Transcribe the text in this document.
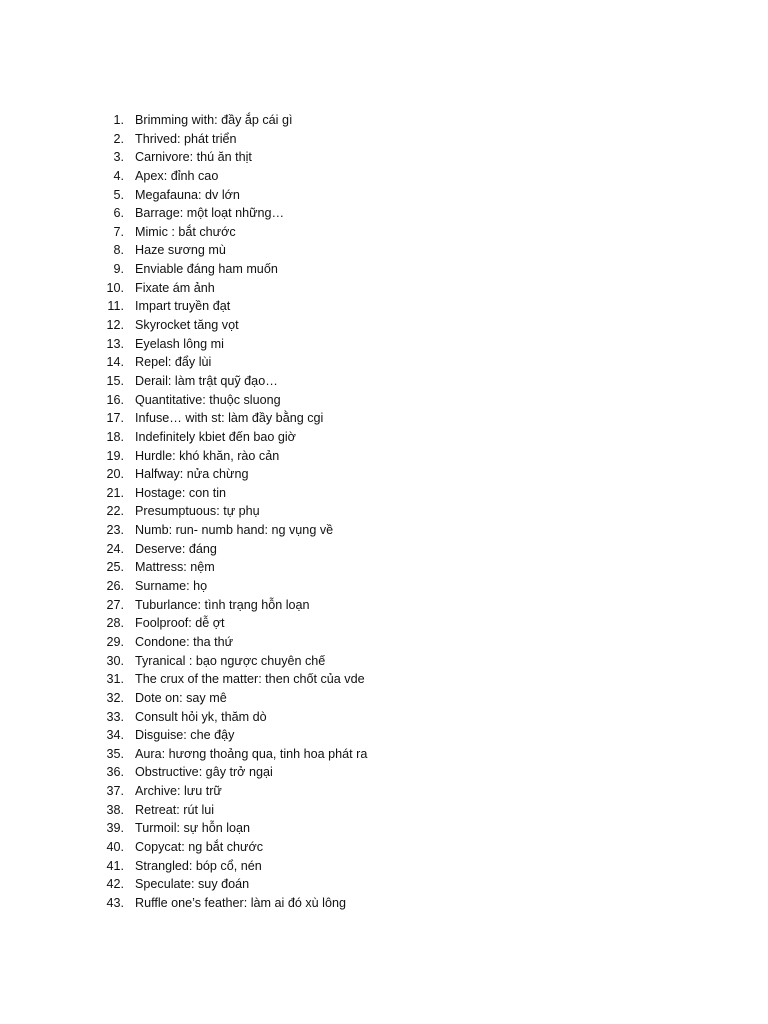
1. Brimming with: đầy ắp cái gì
2. Thrived: phát triển
3. Carnivore: thú ăn thịt
4. Apex: đỉnh cao
5. Megafauna: dv lớn
6. Barrage: một loạt những…
7. Mimic : bắt chước
8. Haze sương mù
9. Enviable đáng ham muốn
10. Fixate ám ảnh
11. Impart truyền đạt
12. Skyrocket tăng vọt
13. Eyelash lông mi
14. Repel: đẩy lùi
15. Derail: làm trật quỹ đạo…
16. Quantitative: thuộc sluong
17. Infuse… with st: làm đầy bằng cgi
18. Indefinitely kbiet đến bao giờ
19. Hurdle: khó khăn, rào cản
20. Halfway: nửa chừng
21. Hostage: con tin
22. Presumptuous: tự phụ
23. Numb: run- numb hand: ng vụng về
24. Deserve: đáng
25. Mattress: nệm
26. Surname: họ
27. Tuburlance: tình trạng hỗn loạn
28. Foolproof: dễ ợt
29. Condone: tha thứ
30. Tyranical : bạo ngược chuyên chế
31. The crux of the matter: then chốt của vde
32. Dote on: say mê
33. Consult hỏi yk, thăm dò
34. Disguise: che đậy
35. Aura: hương thoảng qua, tinh hoa phát ra
36. Obstructive: gây trở ngại
37. Archive: lưu trữ
38. Retreat: rút lui
39. Turmoil: sự hỗn loạn
40. Copycat: ng bắt chước
41. Strangled: bóp cổ, nén
42. Speculate: suy đoán
43. Ruffle one’s feather: làm ai đó xù lông
